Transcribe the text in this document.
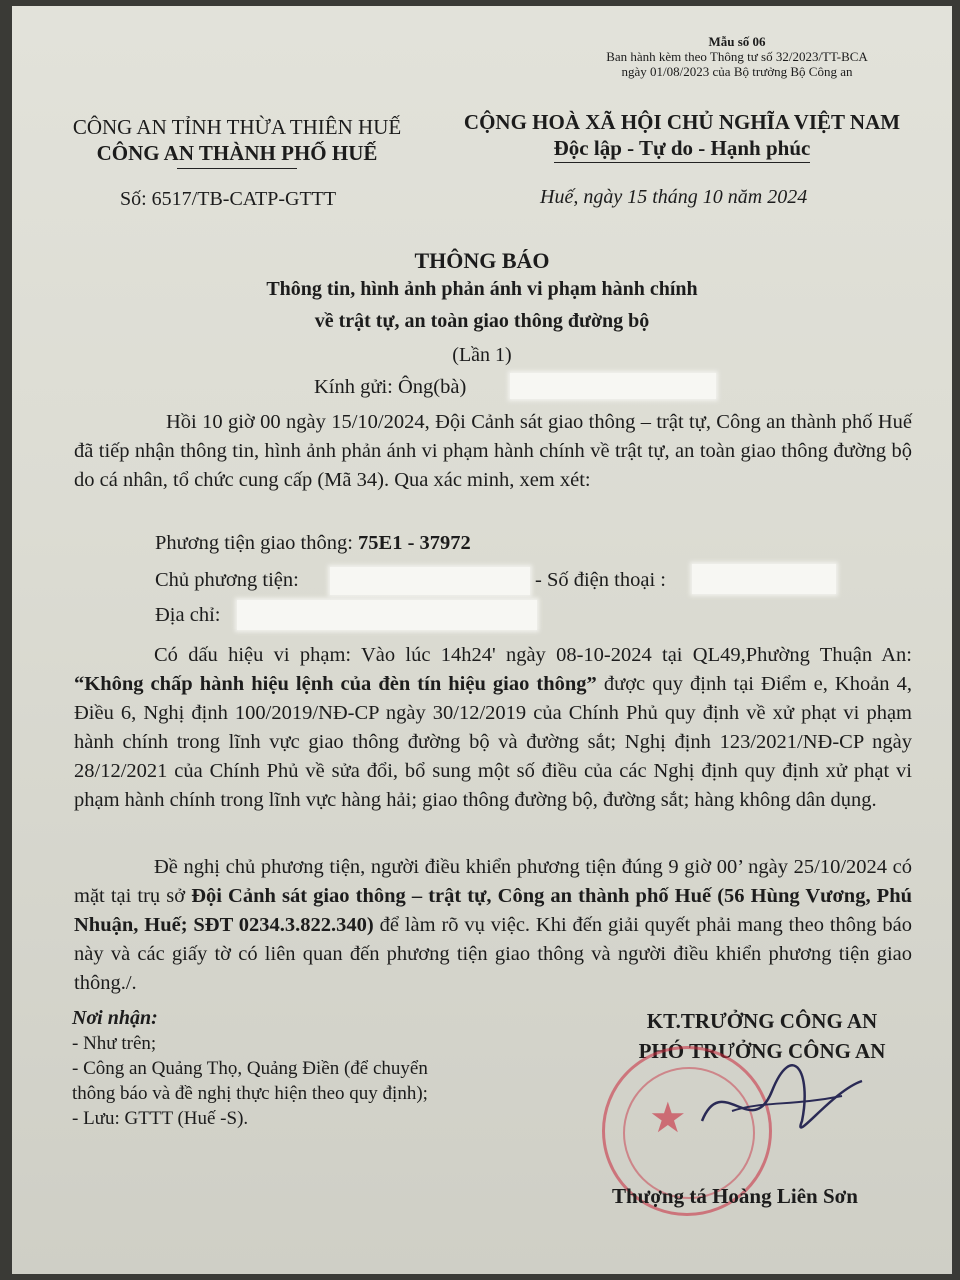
Mẫu số 06
Ban hành kèm theo Thông tư số 32/2023/TT-BCA
ngày 01/08/2023 của Bộ trưởng Bộ Công an
CÔNG AN TỈNH THỪA THIÊN HUẾ
CÔNG AN THÀNH PHỐ HUẾ
Số: 6517/TB-CATP-GTTT
CỘNG HOÀ XÃ HỘI CHỦ NGHĨA VIỆT NAM
Độc lập - Tự do - Hạnh phúc
Huế, ngày 15 tháng 10 năm 2024
THÔNG BÁO
Thông tin, hình ảnh phản ánh vi phạm hành chính
về trật tự, an toàn giao thông đường bộ
(Lần 1)
Kính gửi: Ông(bà)
Hồi 10 giờ 00 ngày 15/10/2024, Đội Cảnh sát giao thông – trật tự, Công an thành phố Huế đã tiếp nhận thông tin, hình ảnh phản ánh vi phạm hành chính về trật tự, an toàn giao thông đường bộ do cá nhân, tổ chức cung cấp (Mã 34). Qua xác minh, xem xét:
Phương tiện giao thông: 75E1 - 37972
Chủ phương tiện:	- Số điện thoại :
Địa chỉ:
Có dấu hiệu vi phạm: Vào lúc 14h24' ngày 08-10-2024 tại QL49,Phường Thuận An: “Không chấp hành hiệu lệnh của đèn tín hiệu giao thông” được quy định tại Điểm e, Khoản 4, Điều 6, Nghị định 100/2019/NĐ-CP ngày 30/12/2019 của Chính Phủ quy định về xử phạt vi phạm hành chính trong lĩnh vực giao thông đường bộ và đường sắt; Nghị định 123/2021/NĐ-CP ngày 28/12/2021 của Chính Phủ về sửa đổi, bổ sung một số điều của các Nghị định quy định xử phạt vi phạm hành chính trong lĩnh vực hàng hải; giao thông đường bộ, đường sắt; hàng không dân dụng.
Đề nghị chủ phương tiện, người điều khiển phương tiện đúng 9 giờ 00’ ngày 25/10/2024 có mặt tại trụ sở Đội Cảnh sát giao thông – trật tự, Công an thành phố Huế (56 Hùng Vương, Phú Nhuận, Huế; SĐT 0234.3.822.340) để làm rõ vụ việc. Khi đến giải quyết phải mang theo thông báo này và các giấy tờ có liên quan đến phương tiện giao thông và người điều khiển phương tiện giao thông./.
Nơi nhận:
- Như trên;
- Công an Quảng Thọ, Quảng Điền (để chuyển
thông báo và đề nghị thực hiện theo quy định);
- Lưu: GTTT (Huế -S).
KT.TRƯỞNG CÔNG AN
PHÓ TRƯỞNG CÔNG AN
★
Thượng tá Hoàng Liên Sơn
